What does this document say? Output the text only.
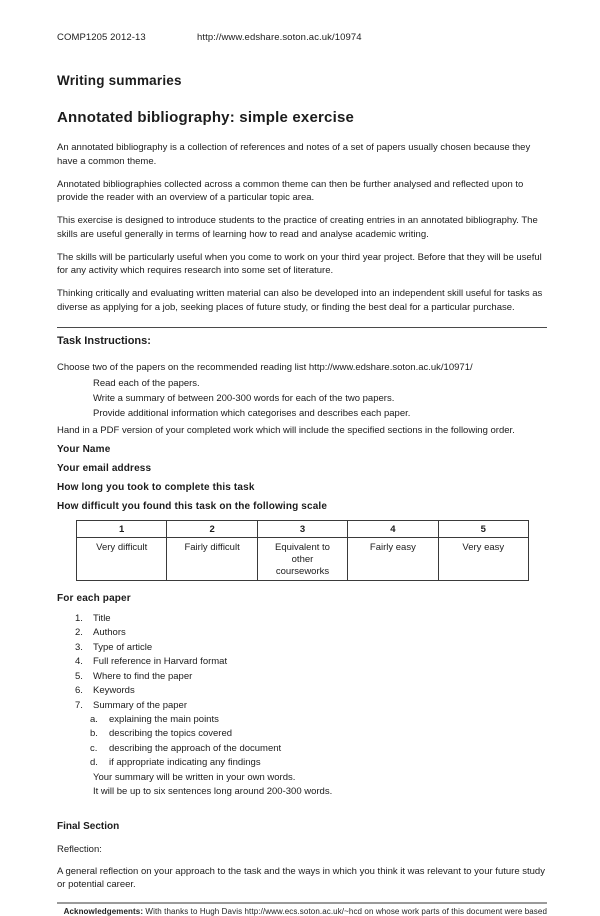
COMP1205 2012-13	http://www.edshare.soton.ac.uk/10974
Writing summaries
Annotated bibliography: simple exercise

An annotated bibliography is a collection of references and notes of a set of papers usually chosen because they have a common theme.

Annotated bibliographies collected across a common theme can then be further analysed and reflected upon to provide the reader with an overview of a particular topic area.

This exercise is designed to introduce students to the practice of creating entries in an annotated bibliography. The skills are useful generally in terms of learning how to read and analyse academic writing.

The skills will be particularly useful when you come to work on your third year project. Before that they will be useful for any activity which requires research into some set of literature.

Thinking critically and evaluating written material can also be developed into an independent skill useful for tasks as diverse as applying for a job, seeking places of future study, or finding the best deal for a particular purchase.

Task Instructions:

Choose two of the papers on the recommended reading list http://www.edshare.soton.ac.uk/10971/

Read each of the papers.
Write a summary of between 200-300 words for each of the two papers.
Provide additional information which categorises and describes each paper.

Hand in a PDF version of your completed work which will include the specified sections in the following order.

Your Name
Your email address
How long you took to complete this task
How difficult you found this task on the following scale
1	2	3	4	5
Very difficult	Fairly difficult	Equivalent to other courseworks	Fairly easy	Very easy
For each paper
Title
Authors
Type of article
Full reference in Harvard format
Where to find the paper
Keywords
Summary of the paper
explaining the main points
describing the topics covered
describing the approach of the document
if appropriate indicating any findings
Your summary will be written in your own words.
It will be up to six sentences long around 200-300 words.
Final Section
Reflection:

A general reflection on your approach to the task and the ways in which you think it was relevant to your future study or potential career.

Acknowledgements: With thanks to Hugh Davis http://www.ecs.soton.ac.uk/~hcd on whose work parts of this document were based
